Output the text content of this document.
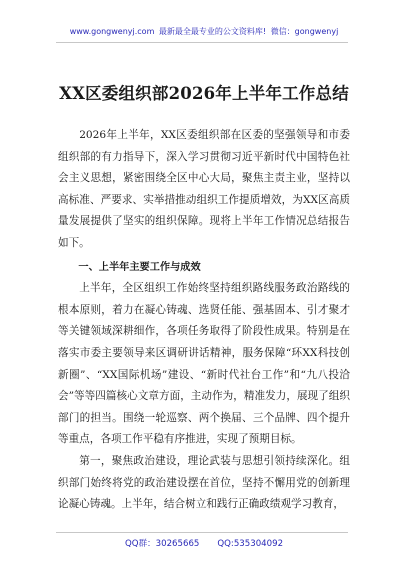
www.gongwenyj.com 最新最全最专业的公文资料库! 微信：gongwenyj
XX区委组织部2026年上半年工作总结

2026年上半年，XX区委组织部在区委的坚强领导和市委组织部的有力指导下，深入学习贯彻习近平新时代中国特色社会主义思想，紧密围绕全区中心大局，聚焦主责主业，坚持以高标准、严要求、实举措推动组织工作提质增效，为XX区高质量发展提供了坚实的组织保障。现将上半年工作情况总结报告如下。

一、上半年主要工作与成效

上半年，全区组织工作始终坚持组织路线服务政治路线的根本原则，着力在凝心铸魂、选贤任能、强基固本、引才聚才等关键领域深耕细作，各项任务取得了阶段性成果。特别是在落实市委主要领导来区调研讲话精神，服务保障“环XX科技创新圈”、“XX国际机场”建设、“新时代社台工作”和“九八投洽会”等等四篇核心文章方面，主动作为，精准发力，展现了组织部门的担当。围绕一轮巡察、两个换届、三个品牌、四个提升等重点，各项工作平稳有序推进，实现了预期目标。

第一，聚焦政治建设，理论武装与思想引领持续深化。组织部门始终将党的政治建设摆在首位，坚持不懈用党的创新理论凝心铸魂。上半年，结合树立和践行正确政绩观学习教育，

QQ群：30265665 QQ:535304092
